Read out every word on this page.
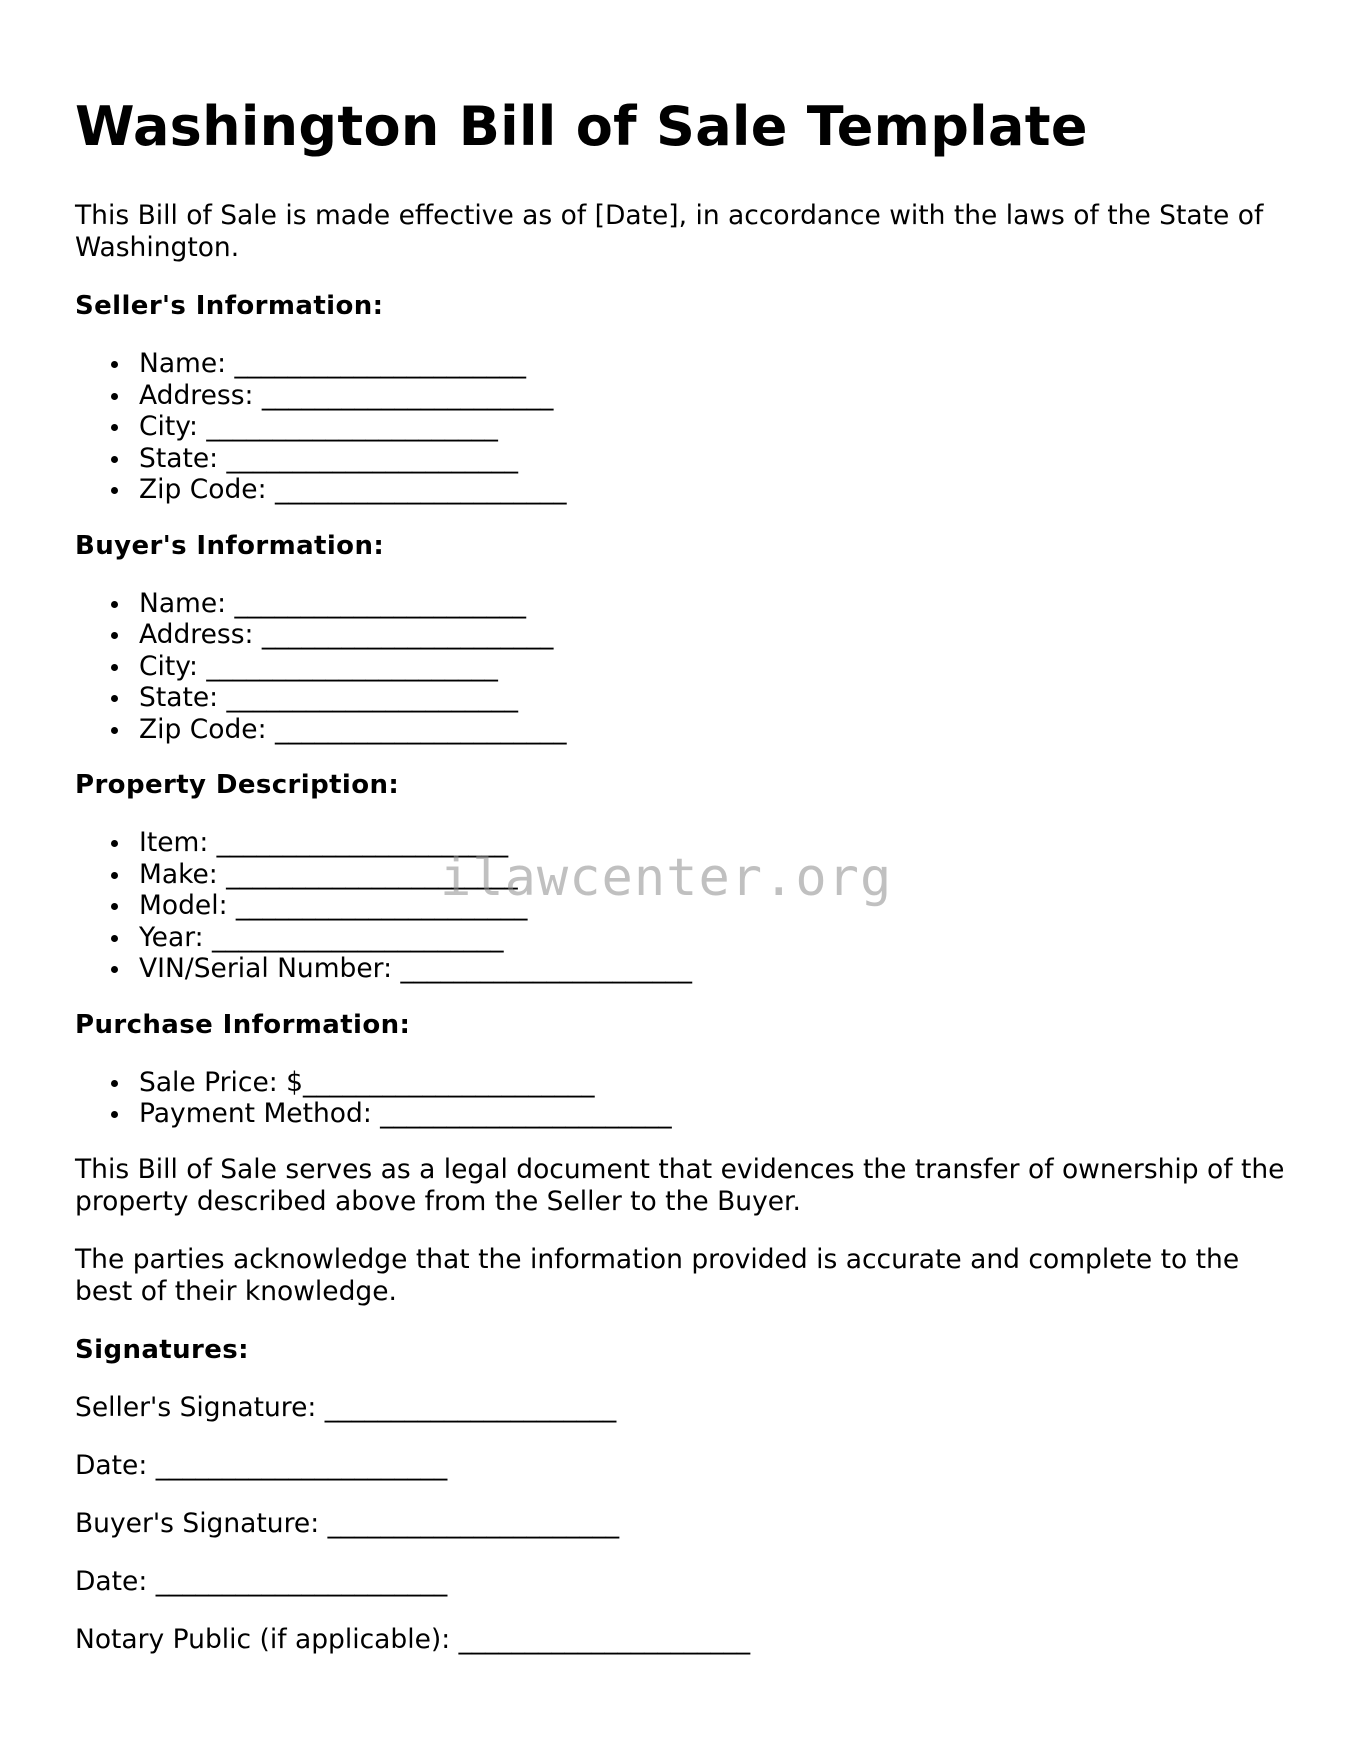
Washington Bill of Sale Template

This Bill of Sale is made effective as of [Date], in accordance with the laws of the State of Washington.

Seller's Information:
Name: ______________________
Address: ______________________
City: ______________________
State: ______________________
Zip Code: ______________________
Buyer's Information:
Name: ______________________
Address: ______________________
City: ______________________
State: ______________________
Zip Code: ______________________
Property Description:
Item: ______________________
Make: ______________________
Model: ______________________
Year: ______________________
VIN/Serial Number: ______________________
Purchase Information:
Sale Price: $______________________
Payment Method: ______________________

This Bill of Sale serves as a legal document that evidences the transfer of ownership of the property described above from the Seller to the Buyer.

The parties acknowledge that the information provided is accurate and complete to the best of their knowledge.

Signatures:
Seller's Signature: ______________________
Date: ______________________
Buyer's Signature: ______________________
Date: ______________________
Notary Public (if applicable): ______________________
ilawcenter.org
